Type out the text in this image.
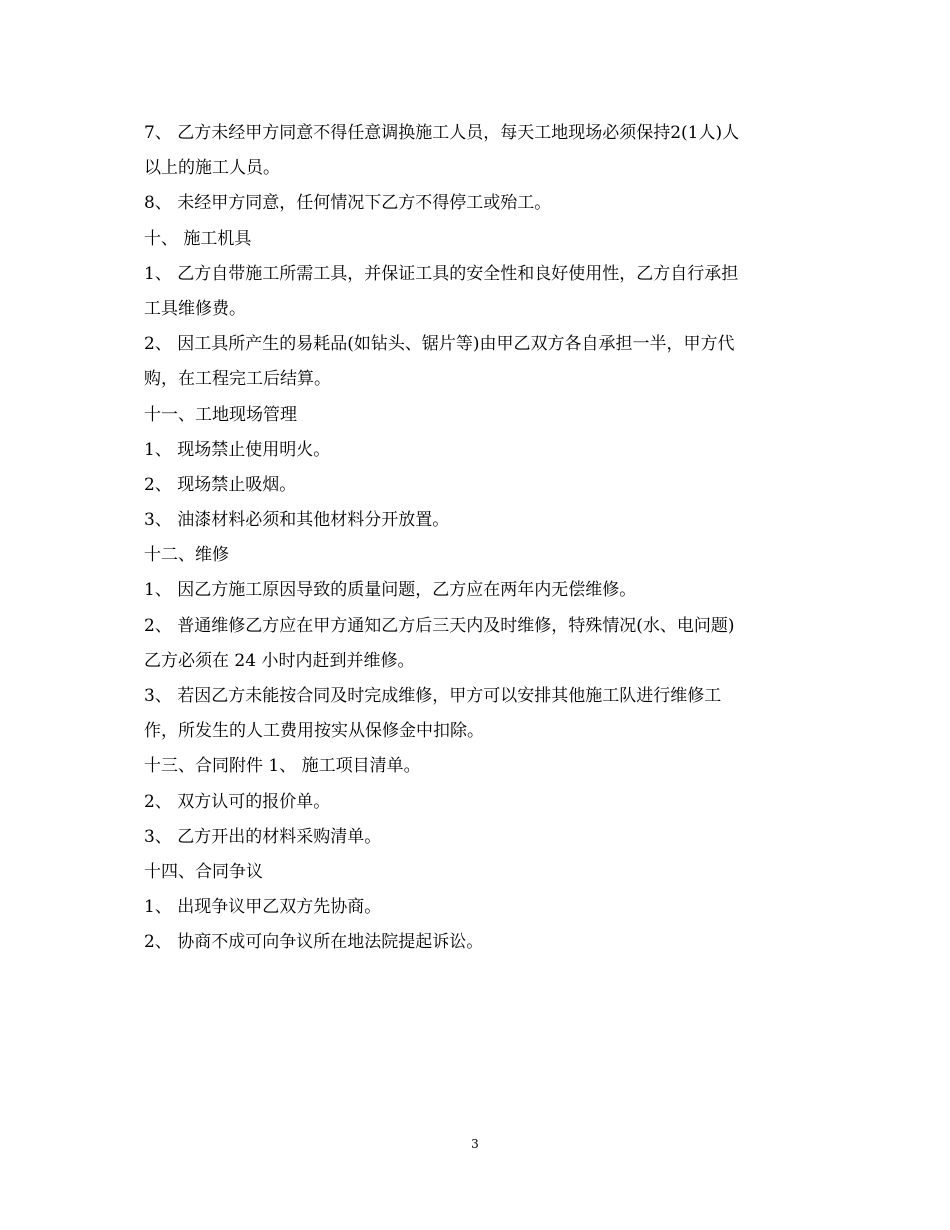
7、 乙方未经甲方同意不得任意调换施工人员，每天工地现场必须保持2(1人)人
以上的施工人员。
8、 未经甲方同意，任何情况下乙方不得停工或殆工。
十、 施工机具
1、 乙方自带施工所需工具，并保证工具的安全性和良好使用性，乙方自行承担
工具维修费。
2、 因工具所产生的易耗品(如钻头、锯片等)由甲乙双方各自承担一半，甲方代
购，在工程完工后结算。
十一、工地现场管理
1、 现场禁止使用明火。
2、 现场禁止吸烟。
3、 油漆材料必须和其他材料分开放置。
十二、维修
1、 因乙方施工原因导致的质量问题，乙方应在两年内无偿维修。
2、 普通维修乙方应在甲方通知乙方后三天内及时维修，特殊情况(水、电问题)
乙方必须在 24 小时内赶到并维修。
3、 若因乙方未能按合同及时完成维修，甲方可以安排其他施工队进行维修工
作，所发生的人工费用按实从保修金中扣除。
十三、合同附件 1、 施工项目清单。
2、 双方认可的报价单。
3、 乙方开出的材料采购清单。
十四、合同争议
1、 出现争议甲乙双方先协商。
2、 协商不成可向争议所在地法院提起诉讼。
3
